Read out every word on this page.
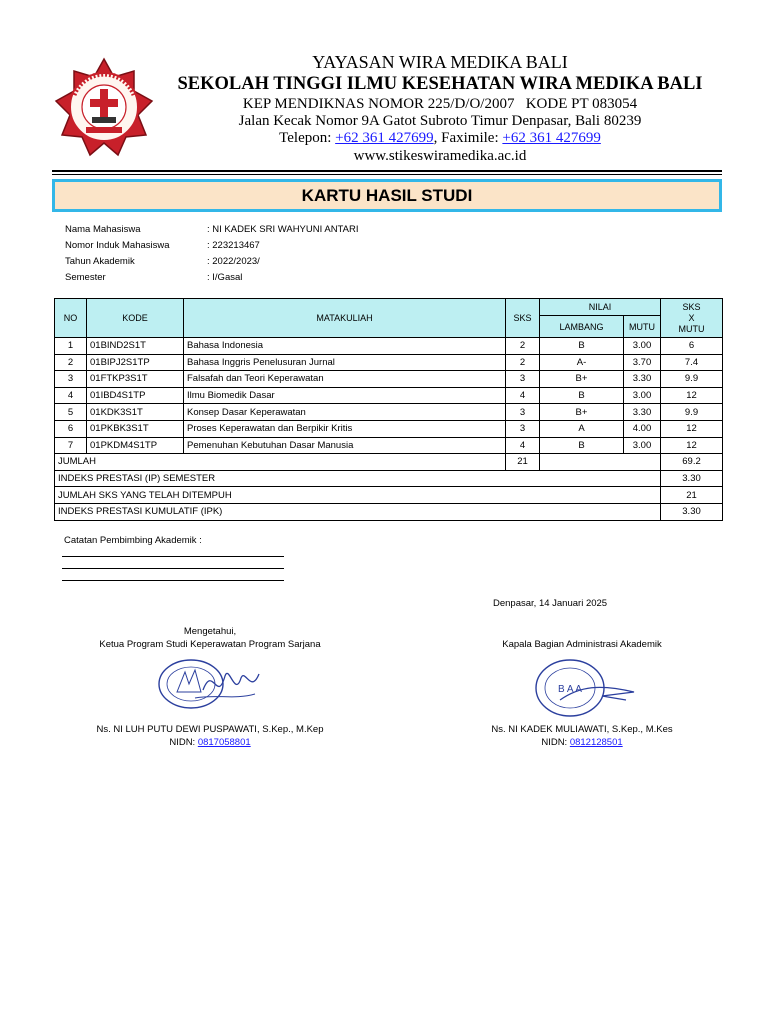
YAYASAN WIRA MEDIKA BALI
SEKOLAH TINGGI ILMU KESEHATAN WIRA MEDIKA BALI
KEP MENDIKNAS NOMOR 225/D/O/2007   KODE PT 083054
Jalan Kecak Nomor 9A Gatot Subroto Timur Denpasar, Bali 80239
Telepon: +62 361 427699, Faximile: +62 361 427699
www.stikeswiramedika.ac.id
KARTU HASIL STUDI
Nama Mahasiswa	: NI KADEK SRI WAHYUNI ANTARI
Nomor Induk Mahasiswa	: 223213467
Tahun Akademik	: 2022/2023/
Semester	: I/Gasal
NO	KODE	MATAKULIAH	SKS	NILAI		SKS
X
MUTU

				LAMBANG	MUTU	
1	01BIND2S1T	Bahasa Indonesia	2	B	3.00	6
2	01BIPJ2S1TP	Bahasa Inggris Penelusuran Jurnal	2	A-	3.70	7.4
3	01FTKP3S1T	Falsafah dan Teori Keperawatan	3	B+	3.30	9.9
4	01IBD4S1TP	Ilmu Biomedik Dasar	4	B	3.00	12
5	01KDK3S1T	Konsep Dasar Keperawatan	3	B+	3.30	9.9
6	01PKBK3S1T	Proses Keperawatan dan Berpikir Kritis	3	A	4.00	12
7	01PKDM4S1TP	Pemenuhan Kebutuhan Dasar Manusia	4	B	3.00	12
JUMLAH			21			69.2
INDEKS PRESTASI (IP) SEMESTER						3.30
JUMLAH SKS YANG TELAH DITEMPUH						21
INDEKS PRESTASI KUMULATIF (IPK)						3.30
Catatan Pembimbing Akademik :
Denpasar, 14 Januari 2025
Mengetahui,
Ketua Program Studi Keperawatan Program Sarjana
Ns. NI LUH PUTU DEWI PUSPAWATI, S.Kep., M.Kep
NIDN: 0817058801
Kapala Bagian Administrasi Akademik
B A A
Ns. NI KADEK MULIAWATI, S.Kep., M.Kes
NIDN: 0812128501
